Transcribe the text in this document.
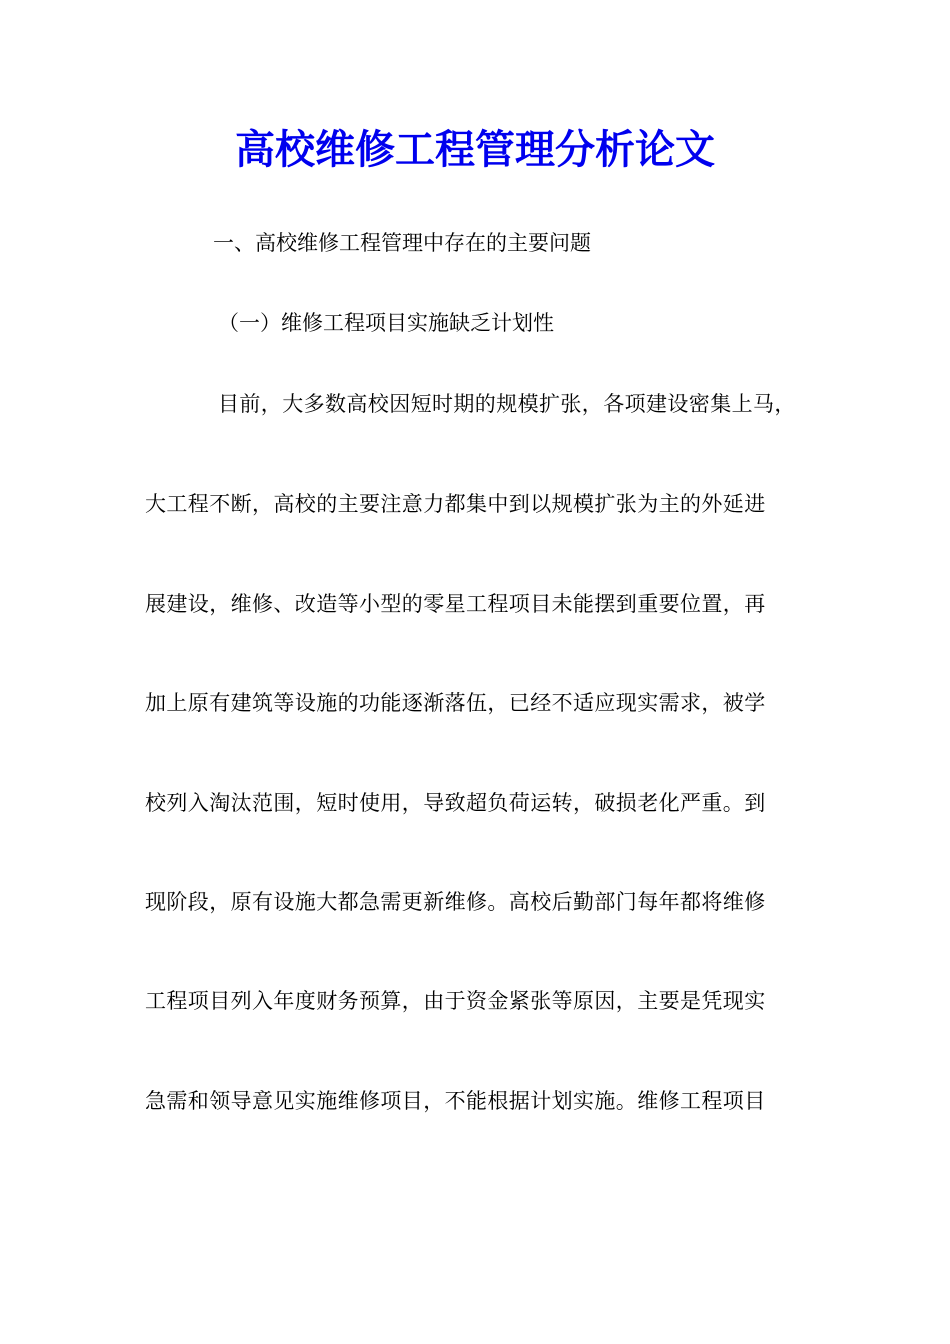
高校维修工程管理分析论文

一、高校维修工程管理中存在的主要问题

（一）维修工程项目实施缺乏计划性

目前，大多数高校因短时期的规模扩张，各项建设密集上马，

大工程不断，高校的主要注意力都集中到以规模扩张为主的外延进

展建设，维修、改造等小型的零星工程项目未能摆到重要位置，再

加上原有建筑等设施的功能逐渐落伍，已经不适应现实需求，被学

校列入淘汰范围，短时使用，导致超负荷运转，破损老化严重。到

现阶段，原有设施大都急需更新维修。高校后勤部门每年都将维修

工程项目列入年度财务预算，由于资金紧张等原因，主要是凭现实

急需和领导意见实施维修项目，不能根据计划实施。维修工程项目
